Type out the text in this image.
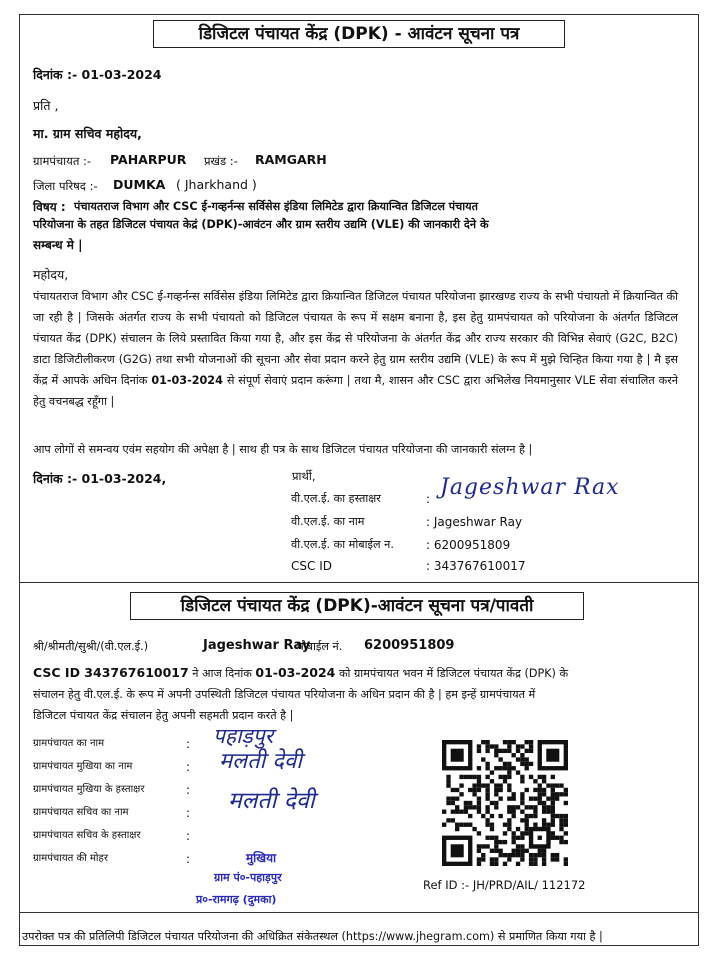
डिजिटल पंचायत केंद्र (DPK) - आवंटन सूचना पत्र
दिनांक :- 01-03-2024
प्रति ,
मा. ग्राम सचिव महोदय,
ग्रामपंचायत :- PAHARPUR प्रखंड :- RAMGARH
जिला परिषद :- DUMKA ( Jharkhand )
विषय : पंचायतराज विभाग और CSC ई-गव्हर्नन्स सर्विसेस इंडिया लिमिटेड द्वारा क्रियान्वित डिजिटल पंचायत
परियोजना के तहत डिजिटल पंचायत केद्रं (DPK)-आवंटन और ग्राम स्तरीय उद्यमि (VLE) की जानकारी देने के
सम्बन्ध मे |
महोदय,
पंचायतराज विभाग और CSC ई-गव्हर्नन्स सर्विसेस इंडिया लिमिटेड द्वारा क्रियान्वित डिजिटल पंचायत परियोजना झारखण्ड राज्य के सभी पंचायतो में क्रियान्वित की जा रही है | जिसके अंतर्गत राज्य के सभी पंचायतो को डिजिटल पंचायत के रूप में सक्षम बनाना है, इस हेतु ग्रामपंचायत को परियोजना के अंतर्गत डिजिटल पंचायत केंद्र (DPK) संचालन के लिये प्रस्तावित किया गया है, और इस केंद्र से परियोजना के अंतर्गत केंद्र और राज्य सरकार की विभिन्न सेवाएं (G2C, B2C) डाटा डिजिटीलीकरण (G2G) तथा सभी योजनाओं की सूचना और सेवा प्रदान करने हेतु ग्राम स्तरीय उद्यमि (VLE) के रूप में मुझे चिन्हित किया गया है | मै इस केंद्र में आपके अधिन दिनांक 01-03-2024 से संपूर्ण सेवाएं प्रदान करूंगा | तथा मै, शासन और CSC द्वारा अभिलेख नियमानुसार VLE सेवा संचालित करने हेतु वचनबद्ध रहूँगा |
आप लोगों से समन्वय एवंम सहयोग की अपेक्षा है | साथ ही पत्र के साथ डिजिटल पंचायत परियोजना की जानकारी संलग्न है |
दिनांक :- 01-03-2024,	प्रार्थी,
वी.एल.ई. का हस्ताक्षर	: Jageshwar Rax
वी.एल.ई. का नाम	: Jageshwar Ray
वी.एल.ई. का मोबाईल न.	: 6200951809
CSC ID	: 343767610017
डिजिटल पंचायत केंद्र (DPK)-आवंटन सूचना पत्र/पावती
श्री/श्रीमती/सुश्री/(वी.एल.ई.)	Jageshwar Ray
मोबाईल नं. 6200951809
CSC ID 343767610017 ने आज दिनांक 01-03-2024 को ग्रामपंचायत भवन में डिजिटल पंचायत केंद्र (DPK) के
संचालन हेतु वी.एल.ई. के रूप में अपनी उपस्थिती डिजिटल पंचायत परियोजना के अधिन प्रदान की है | हम इन्हें ग्रामपंचायत में
डिजिटल पंचायत केंद्र संचालन हेतु अपनी सहमती प्रदान करते है |
ग्रामपंचायत का नाम	: पहाड़पुर
ग्रामपंचायत मुखिया का नाम	: मलती देवी
ग्रामपंचायत मुखिया के हस्ताक्षर	: मलती देवी
ग्रामपंचायत सचिव का नाम	:
ग्रामपंचायत सचिव के हस्ताक्षर	:
ग्रामपंचायत की मोहर	:	मुखिया
ग्राम पं०-पहाड़पुर
प्र०-रामगढ़ (दुमका)
Ref ID :- JH/PRD/AIL/ 112172
उपरोक्त पत्र की प्रतिलिपी डिजिटल पंचायत परियोजना की अधिक्रित संकेतस्थल (https://www.jhegram.com) से प्रमाणित किया गया है |
